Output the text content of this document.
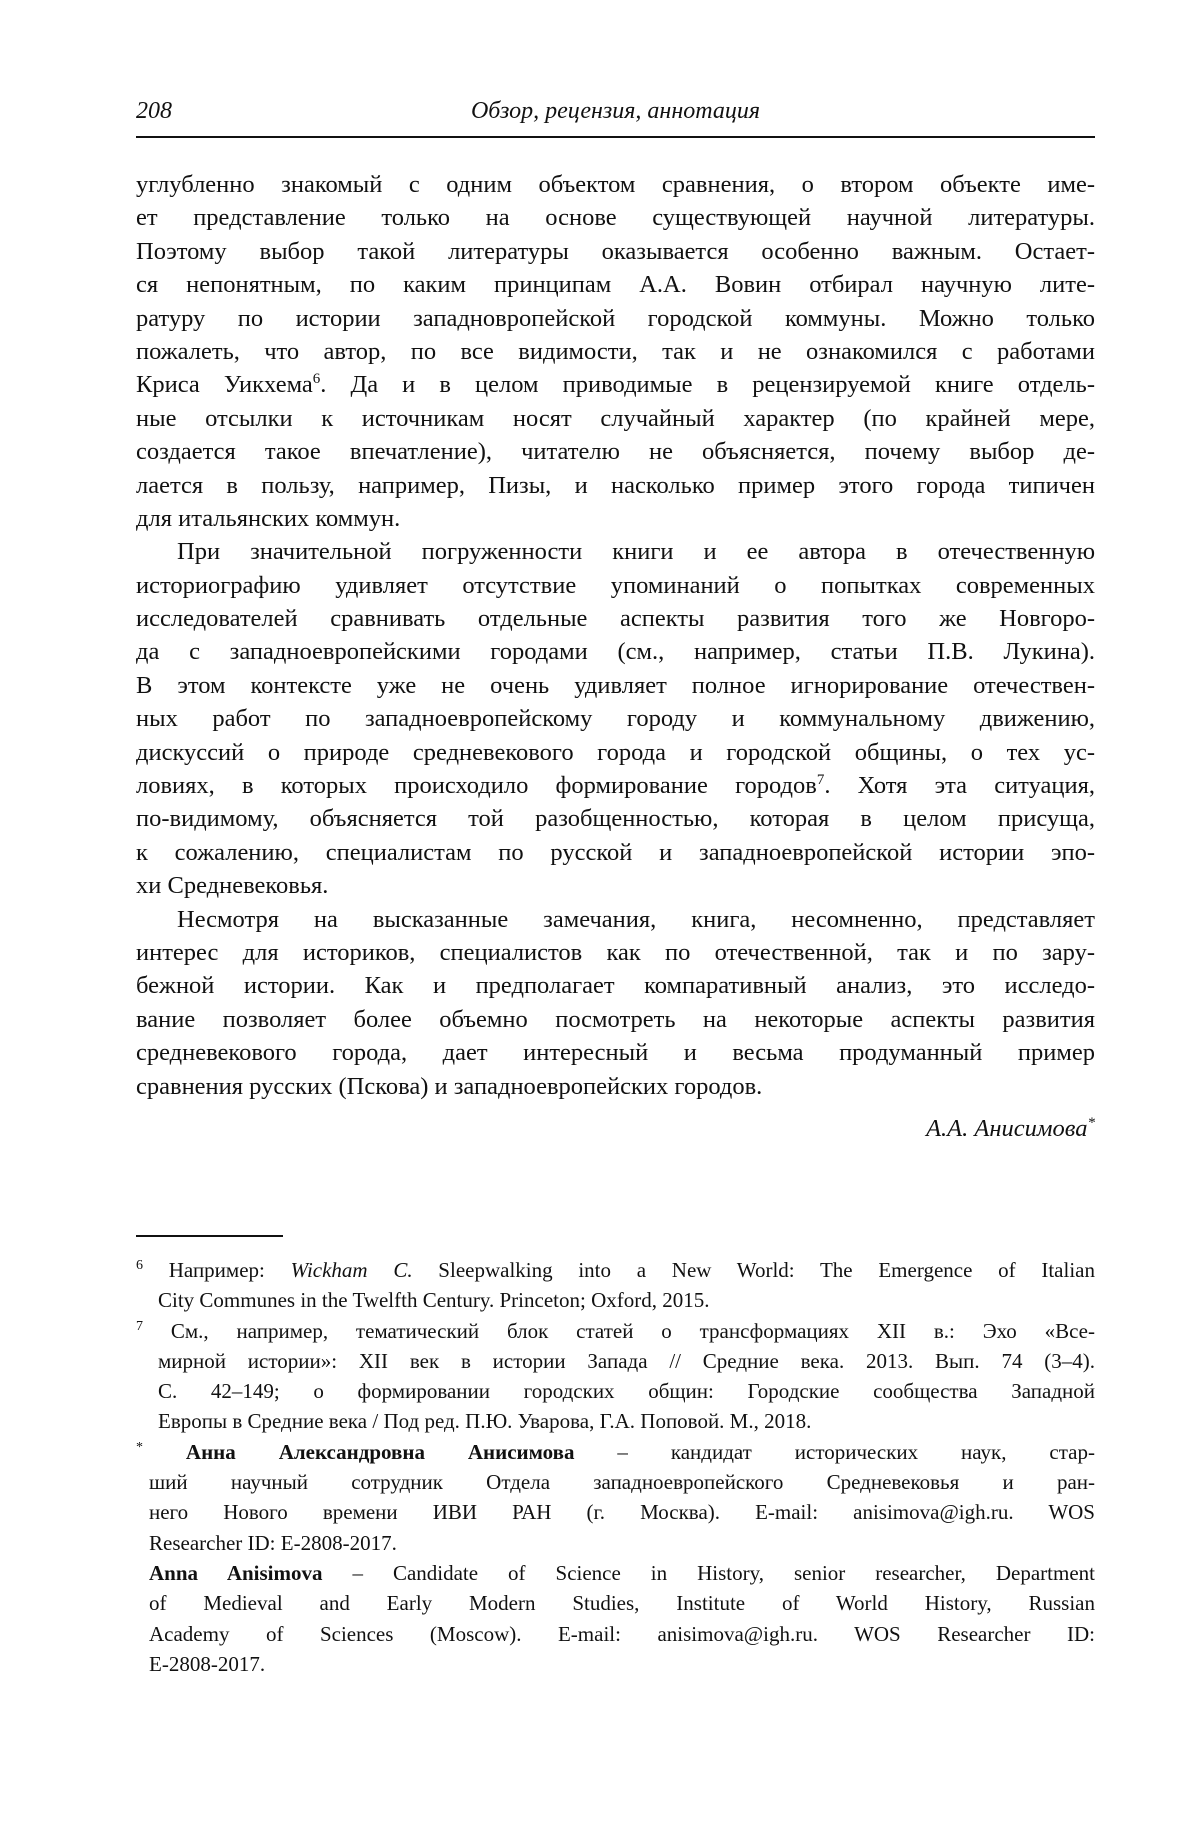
208	Обзор, рецензия, аннотация
углубленно знакомый с одним объектом сравнения, о втором объекте име-
ет представление только на основе существующей научной литературы.
Поэтому выбор такой литературы оказывается особенно важным. Остает-
ся непонятным, по каким принципам А.А. Вовин отбирал научную лите-
ратуру по истории западновропейской городской коммуны. Можно только
пожалеть, что автор, по все видимости, так и не ознакомился с работами
Криса Уикхема$^6$. Да и в целом приводимые в рецензируемой книге отдель-
ные отсылки к источникам носят случайный характер (по крайней мере,
создается такое впечатление), читателю не объясняется, почему выбор де-
лается в пользу, например, Пизы, и насколько пример этого города типичен
для итальянских коммун.
При значительной погруженности книги и ее автора в отечественную
историографию удивляет отсутствие упоминаний о попытках современных
исследователей сравнивать отдельные аспекты развития того же Новгоро-
да с западноевропейскими городами (см., например, статьи П.В. Лукина).
В этом контексте уже не очень удивляет полное игнорирование отечествен-
ных работ по западноевропейскому городу и коммунальному движению,
дискуссий о природе средневекового города и городской общины, о тех ус-
ловиях, в которых происходило формирование городов$^7$. Хотя эта ситуация,
по-видимому, объясняется той разобщенностью, которая в целом присуща,
к сожалению, специалистам по русской и западноевропейской истории эпо-
хи Средневековья.
Несмотря на высказанные замечания, книга, несомненно, представляет
интерес для историков, специалистов как по отечественной, так и по зару-
бежной истории. Как и предполагает компаративный анализ, это исследо-
вание позволяет более объемно посмотреть на некоторые аспекты развития
средневекового города, дает интересный и весьма продуманный пример
сравнения русских (Пскова) и западноевропейских городов.
А.А. Анисимова*
$^6$ Например: Wickham C. Sleepwalking into a New World: The Emergence of Italian
City Communes in the Twelfth Century. Princeton; Oxford, 2015.
$^7$ См., например, тематический блок статей о трансформациях XII в.: Эхо «Все-
мирной истории»: XII век в истории Запада // Средние века. 2013. Вып. 74 (3–4).
С. 42–149; о формировании городских общин: Городские сообщества Западной
Европы в Средние века / Под ред. П.Ю. Уварова, Г.А. Поповой. М., 2018.
* Анна Александровна Анисимова – кандидат исторических наук, стар-
ший научный сотрудник Отдела западноевропейского Средневековья и ран-
него Нового времени ИВИ РАН (г. Москва). E-mail: anisimova@igh.ru. WOS
Researcher ID: E-2808-2017.
Anna Anisimova – Candidate of Science in History, senior researcher, Department
of Medieval and Early Modern Studies, Institute of World History, Russian
Academy of Sciences (Moscow). E-mail: anisimova@igh.ru. WOS Researcher ID:
E-2808-2017.
